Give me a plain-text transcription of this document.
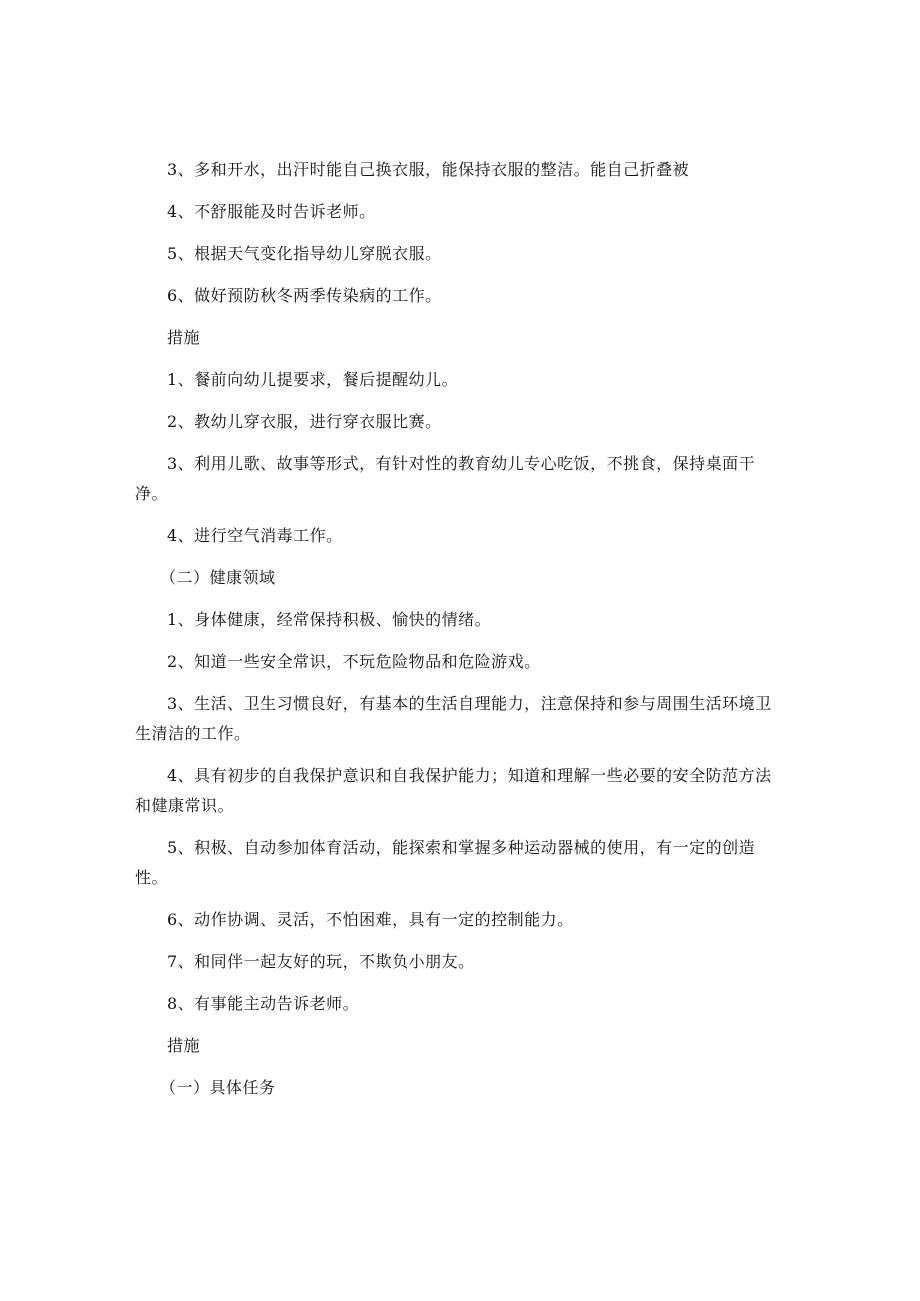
3、多和开水，出汗时能自己换衣服，能保持衣服的整洁。能自己折叠被

4、不舒服能及时告诉老师。

5、根据天气变化指导幼儿穿脱衣服。

6、做好预防秋冬两季传染病的工作。

措施

1、餐前向幼儿提要求，餐后提醒幼儿。

2、教幼儿穿衣服，进行穿衣服比赛。

3、利用儿歌、故事等形式，有针对性的教育幼儿专心吃饭，不挑食，保持桌面干净。

4、进行空气消毒工作。

（二）健康领域

1、身体健康，经常保持积极、愉快的情绪。

2、知道一些安全常识，不玩危险物品和危险游戏。

3、生活、卫生习惯良好，有基本的生活自理能力，注意保持和参与周围生活环境卫生清洁的工作。

4、具有初步的自我保护意识和自我保护能力；知道和理解一些必要的安全防范方法和健康常识。

5、积极、自动参加体育活动，能探索和掌握多种运动器械的使用，有一定的创造性。

6、动作协调、灵活，不怕困难，具有一定的控制能力。

7、和同伴一起友好的玩，不欺负小朋友。

8、有事能主动告诉老师。

措施

（一）具体任务
